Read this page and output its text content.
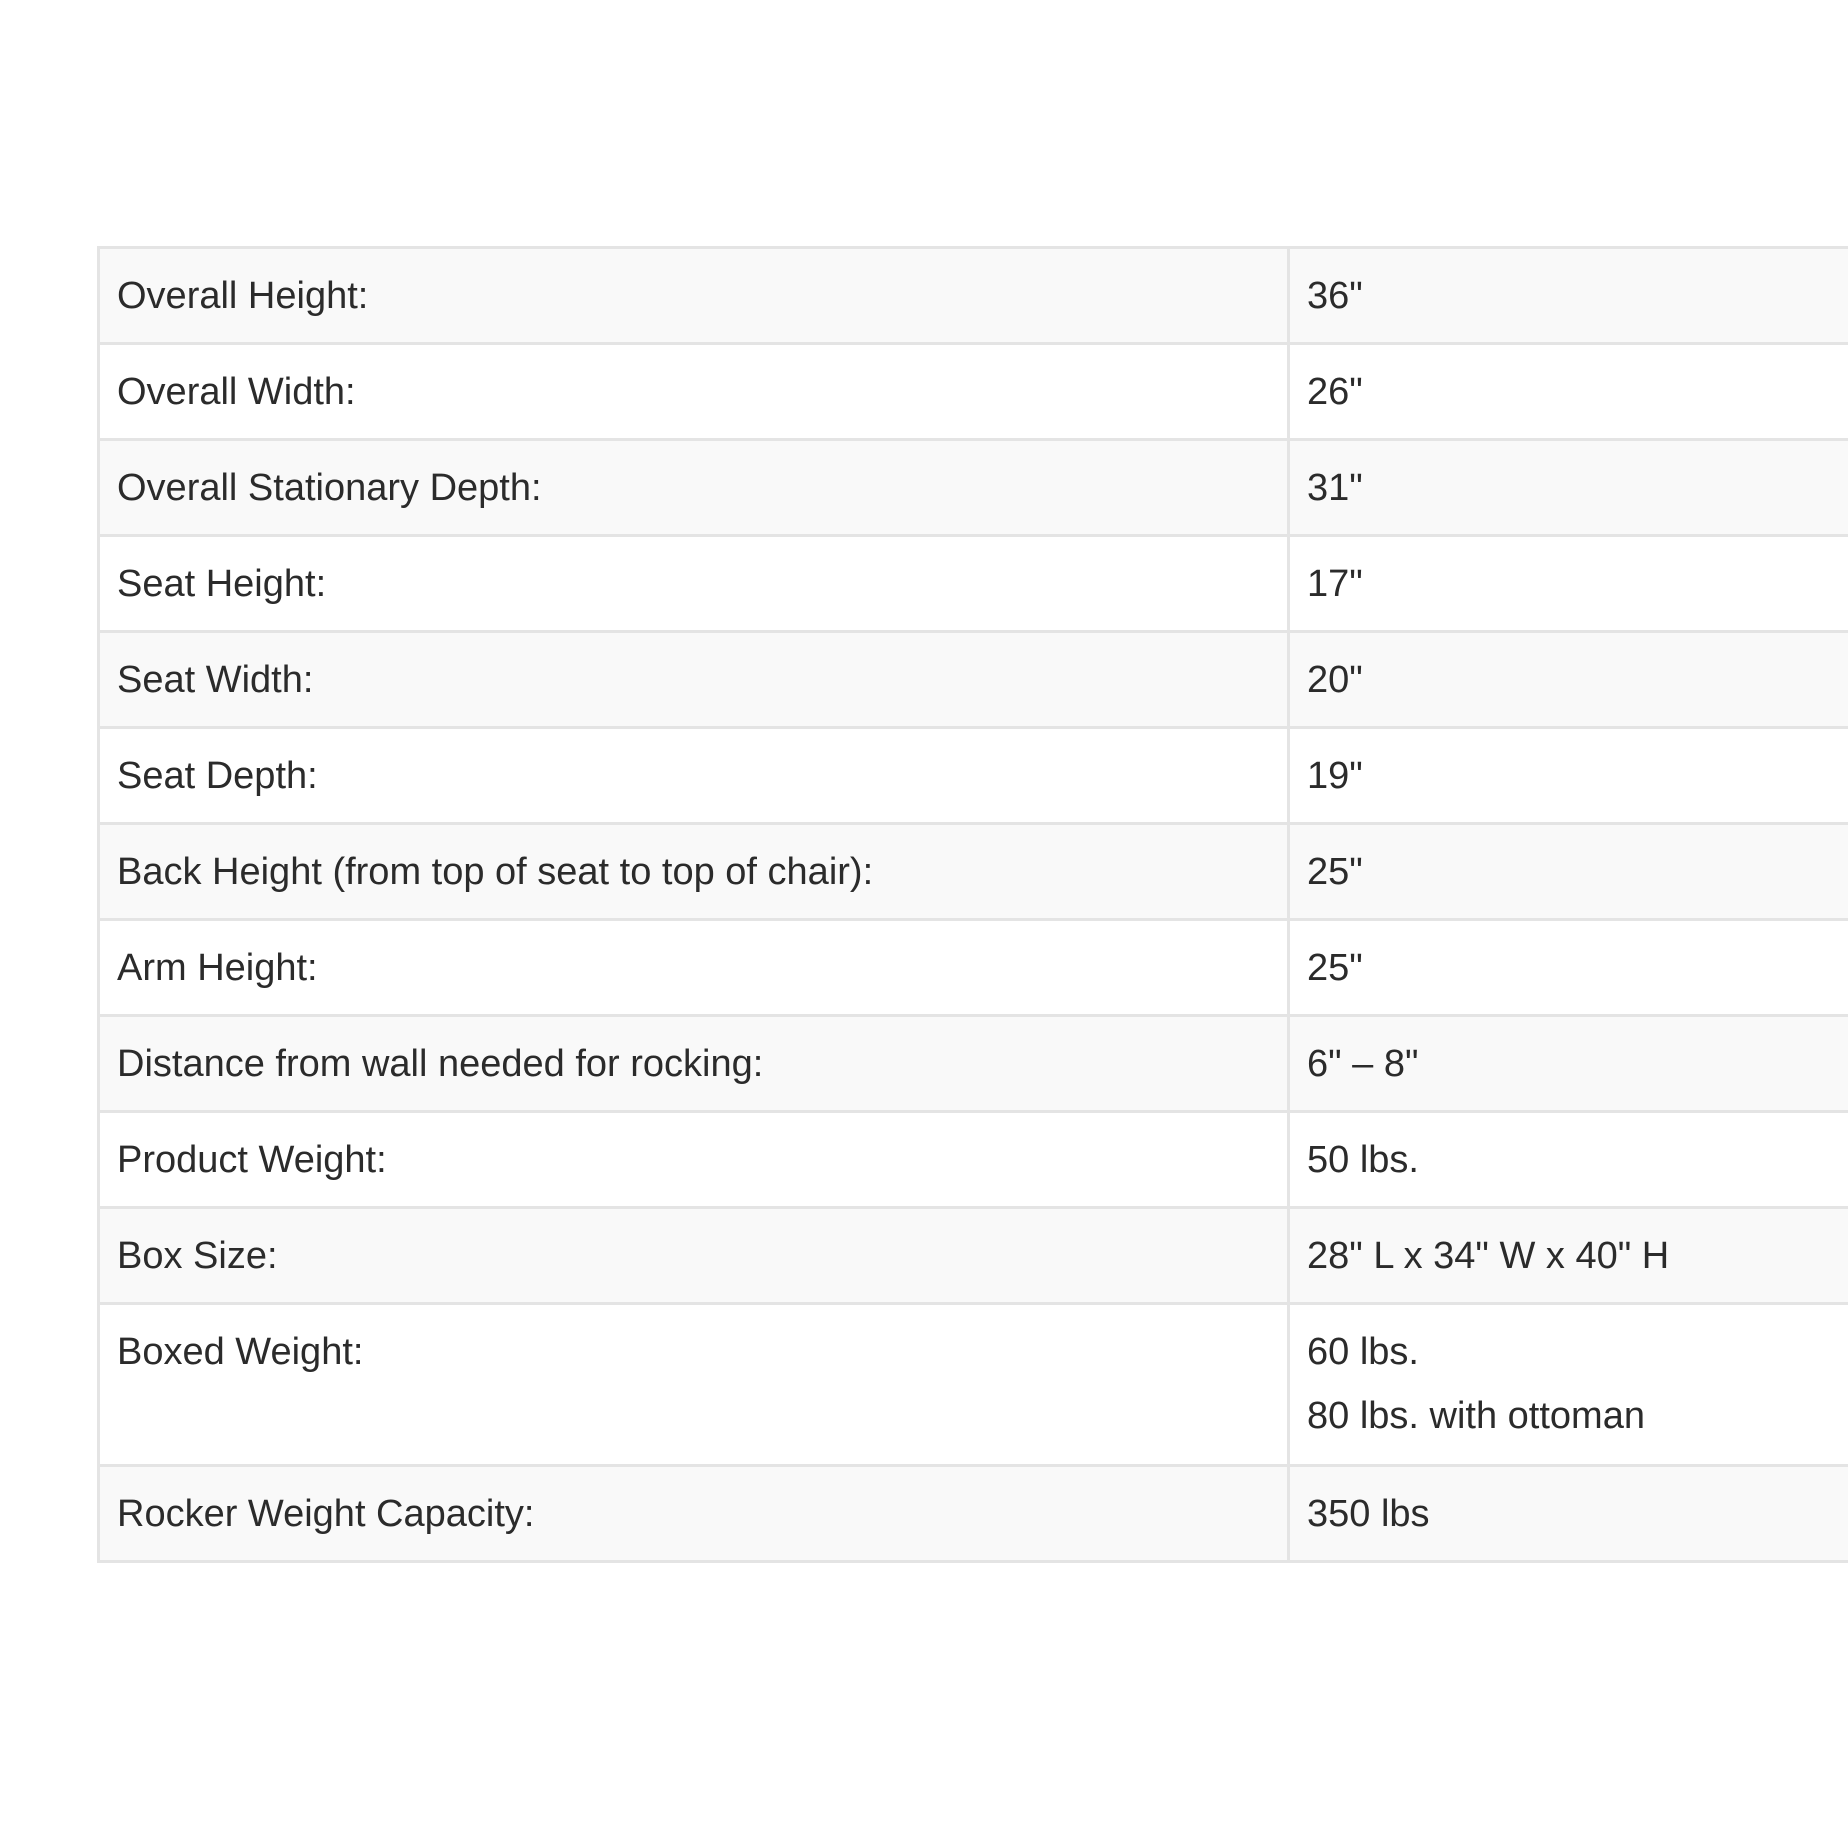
Overall Height:	36"
Overall Width:	26"
Overall Stationary Depth:	31"
Seat Height:	17"
Seat Width:	20"
Seat Depth:	19"
Back Height (from top of seat to top of chair):	25"
Arm Height:	25"
Distance from wall needed for rocking:	6" – 8"
Product Weight:	50 lbs.
Box Size:	28" L x 34" W x 40" H
Boxed Weight:	60 lbs.
80 lbs. with ottoman

Rocker Weight Capacity:	350 lbs
